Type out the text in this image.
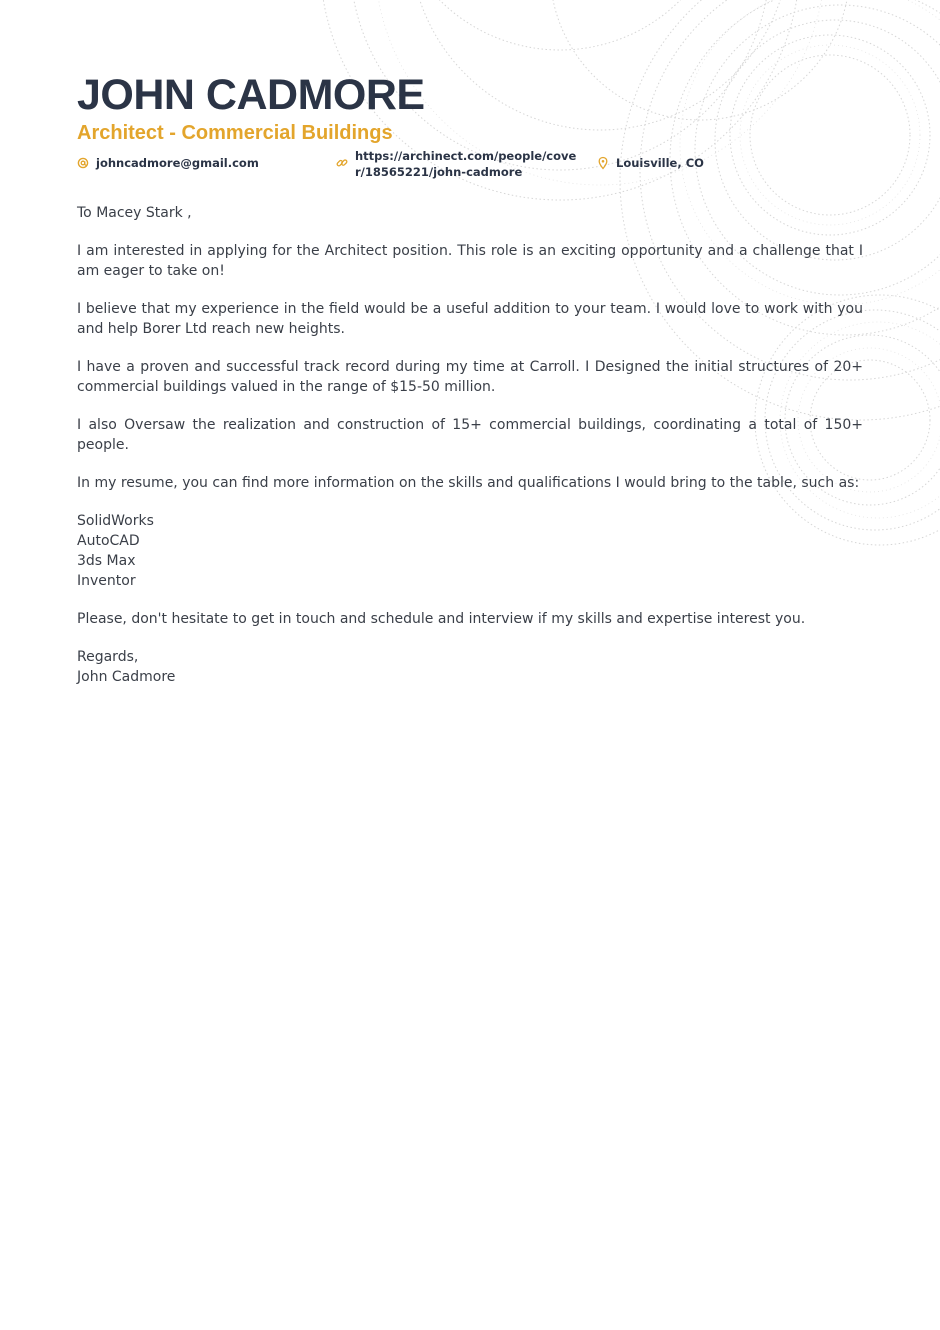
JOHN CADMORE
Architect - Commercial Buildings
johncadmore@gmail.com	https://archinect.com/people/cover/18565221/john-cadmore
Louisville, CO

To Macey Stark ,

I am interested in applying for the Architect position. This role is an exciting opportunity and a challenge that I am eager to take on!

I believe that my experience in the field would be a useful addition to your team. I would love to work with you and help Borer Ltd reach new heights.

I have a proven and successful track record during my time at Carroll. I Designed the initial structures of 20+ commercial buildings valued in the range of $15-50 million.

I also Oversaw the realization and construction of 15+ commercial buildings, coordinating a total of 150+ people.

In my resume, you can find more information on the skills and qualifications I would bring to the table, such as:

SolidWorks
AutoCAD
3ds Max
Inventor

Please, don't hesitate to get in touch and schedule and interview if my skills and expertise interest you.

Regards,
John Cadmore
